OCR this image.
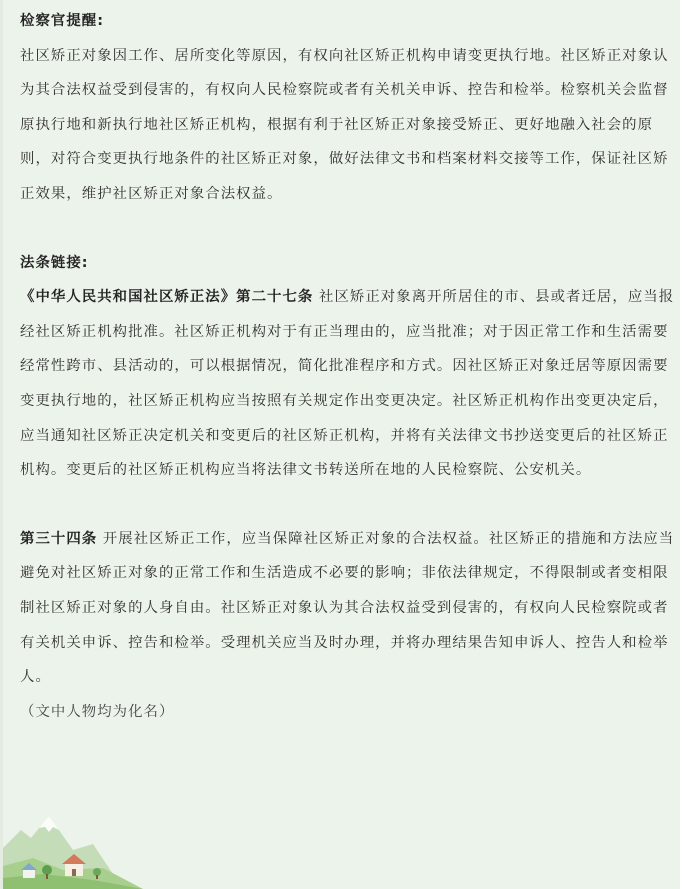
检察官提醒:

社区矫正对象因工作、居所变化等原因，有权向社区矫正机构申请变更执行地。社区矫正对象认为其合法权益受到侵害的，有权向人民检察院或者有关机关申诉、控告和检举。检察机关会监督原执行地和新执行地社区矫正机构，根据有利于社区矫正对象接受矫正、更好地融入社会的原则，对符合变更执行地条件的社区矫正对象，做好法律文书和档案材料交接等工作，保证社区矫正效果，维护社区矫正对象合法权益。

法条链接:

《中华人民共和国社区矫正法》第二十七条 社区矫正对象离开所居住的市、县或者迁居，应当报经社区矫正机构批准。社区矫正机构对于有正当理由的，应当批准；对于因正常工作和生活需要经常性跨市、县活动的，可以根据情况，简化批准程序和方式。因社区矫正对象迁居等原因需要变更执行地的，社区矫正机构应当按照有关规定作出变更决定。社区矫正机构作出变更决定后，应当通知社区矫正决定机关和变更后的社区矫正机构，并将有关法律文书抄送变更后的社区矫正机构。变更后的社区矫正机构应当将法律文书转送所在地的人民检察院、公安机关。

第三十四条 开展社区矫正工作，应当保障社区矫正对象的合法权益。社区矫正的措施和方法应当避免对社区矫正对象的正常工作和生活造成不必要的影响；非依法律规定，不得限制或者变相限制社区矫正对象的人身自由。社区矫正对象认为其合法权益受到侵害的，有权向人民检察院或者有关机关申诉、控告和检举。受理机关应当及时办理，并将办理结果告知申诉人、控告人和检举人。

（文中人物均为化名）
